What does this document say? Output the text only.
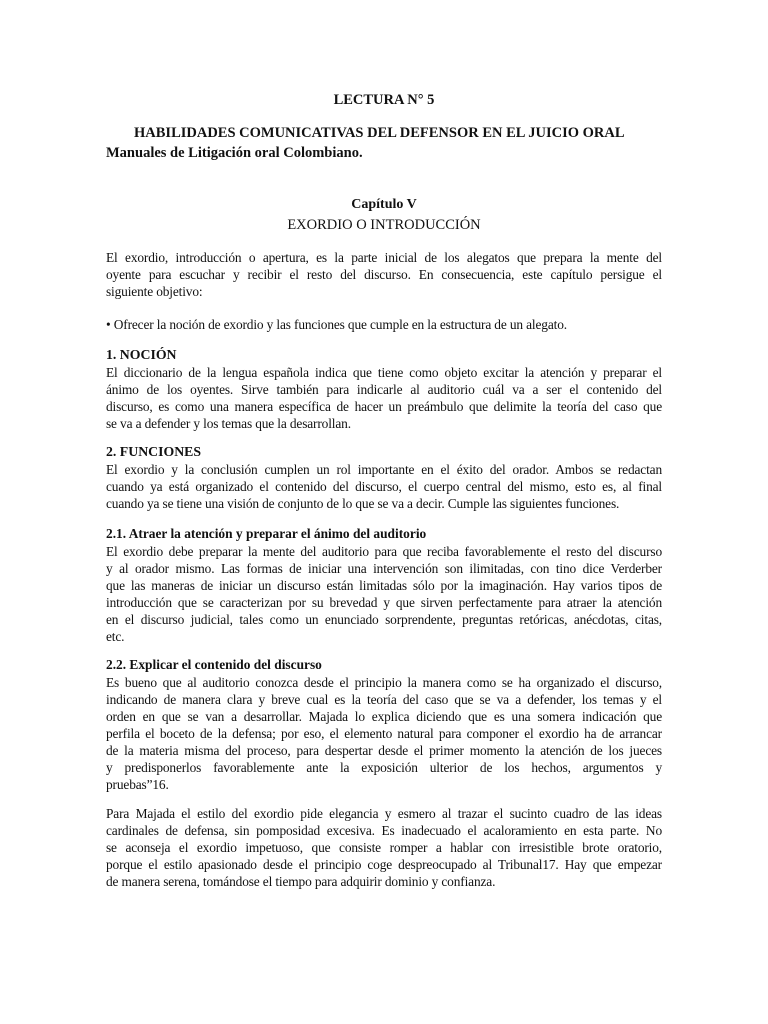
LECTURA N° 5

HABILIDADES COMUNICATIVAS DEL DEFENSOR EN EL JUICIO ORAL

Manuales de Litigación oral Colombiano.

Capítulo V

EXORDIO O INTRODUCCIÓN

El exordio, introducción o apertura, es la parte inicial de los alegatos que prepara la mente del
oyente para escuchar y recibir el resto del discurso. En consecuencia, este capítulo persigue el
siguiente objetivo:
• Ofrecer la noción de exordio y las funciones que cumple en la estructura de un alegato.

1. NOCIÓN

El diccionario de la lengua española indica que tiene como objeto excitar la atención y preparar el
ánimo de los oyentes. Sirve también para indicarle al auditorio cuál va a ser el contenido del
discurso, es como una manera específica de hacer un preámbulo que delimite la teoría del caso que
se va a defender y los temas que la desarrollan.

2. FUNCIONES

El exordio y la conclusión cumplen un rol importante en el éxito del orador. Ambos se redactan
cuando ya está organizado el contenido del discurso, el cuerpo central del mismo, esto es, al final
cuando ya se tiene una visión de conjunto de lo que se va a decir. Cumple las siguientes funciones.

2.1. Atraer la atención y preparar el ánimo del auditorio

El exordio debe preparar la mente del auditorio para que reciba favorablemente el resto del discurso
y al orador mismo. Las formas de iniciar una intervención son ilimitadas, con tino dice Verderber
que las maneras de iniciar un discurso están limitadas sólo por la imaginación. Hay varios tipos de
introducción que se caracterizan por su brevedad y que sirven perfectamente para atraer la atención
en el discurso judicial, tales como un enunciado sorprendente, preguntas retóricas, anécdotas, citas,
etc.

2.2. Explicar el contenido del discurso

Es bueno que al auditorio conozca desde el principio la manera como se ha organizado el discurso,
indicando de manera clara y breve cual es la teoría del caso que se va a defender, los temas y el
orden en que se van a desarrollar. Majada lo explica diciendo que es una somera indicación que
perfila el boceto de la defensa; por eso, el elemento natural para componer el exordio ha de arrancar
de la materia misma del proceso, para despertar desde el primer momento la atención de los jueces
y predisponerlos favorablemente ante la exposición ulterior de los hechos, argumentos y
pruebas”16.
Para Majada el estilo del exordio pide elegancia y esmero al trazar el sucinto cuadro de las ideas
cardinales de defensa, sin pomposidad excesiva. Es inadecuado el acaloramiento en esta parte. No
se aconseja el exordio impetuoso, que consiste romper a hablar con irresistible brote oratorio,
porque el estilo apasionado desde el principio coge despreocupado al Tribunal17. Hay que empezar
de manera serena, tomándose el tiempo para adquirir dominio y confianza.
